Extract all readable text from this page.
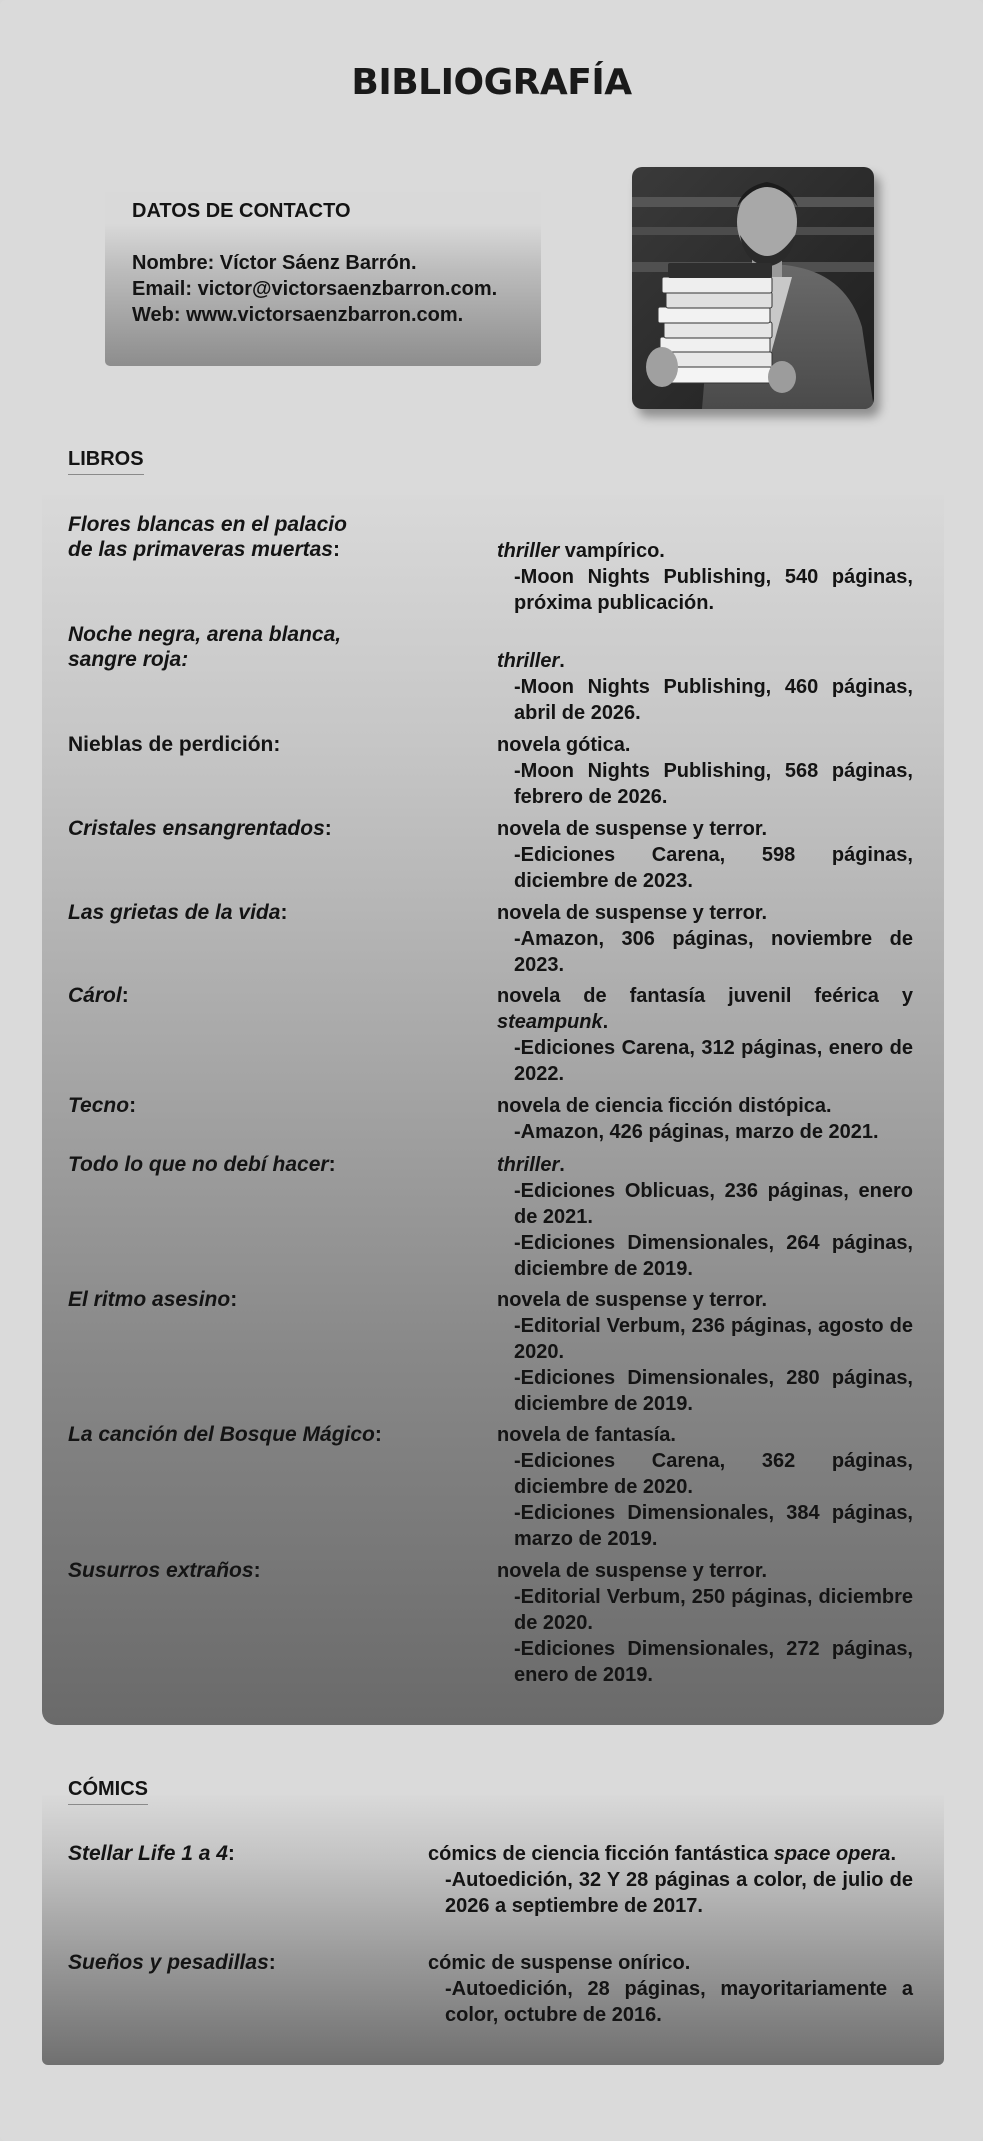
BIBLIOGRAFÍA
DATOS DE CONTACTO
Nombre: Víctor Sáenz Barrón.
Email: victor@victorsaenzbarron.com.
Web: www.victorsaenzbarron.com.
LIBROS
Flores blancas en el palacio
de las primaveras muertas:	thriller vampírico.
-Moon Nights Publishing, 540 páginas, próxima publicación.
Noche negra, arena blanca,
sangre roja:	thriller.
-Moon Nights Publishing, 460 páginas, abril de 2026.
Nieblas de perdición:	novela gótica.
-Moon Nights Publishing, 568 páginas, febrero de 2026.
Cristales ensangrentados:	novela de suspense y terror.
-Ediciones Carena, 598 páginas, diciembre de 2023.
Las grietas de la vida:	novela de suspense y terror.
-Amazon, 306 páginas, noviembre de 2023.
Cárol:	novela de fantasía juvenil feérica y steampunk.
-Ediciones Carena, 312 páginas, enero de 2022.
Tecno:	novela de ciencia ficción distópica.
-Amazon, 426 páginas, marzo de 2021.
Todo lo que no debí hacer:	thriller.
-Ediciones Oblicuas, 236 páginas, enero de 2021.
-Ediciones Dimensionales, 264 páginas, diciembre de 2019.
El ritmo asesino:	novela de suspense y terror.
-Editorial Verbum, 236 páginas, agosto de 2020.
-Ediciones Dimensionales, 280 páginas, diciembre de 2019.
La canción del Bosque Mágico:	novela de fantasía.
-Ediciones Carena, 362 páginas, diciembre de 2020.
-Ediciones Dimensionales, 384 páginas, marzo de 2019.
Susurros extraños:	novela de suspense y terror.
-Editorial Verbum, 250 páginas, diciembre de 2020.
-Ediciones Dimensionales, 272 páginas, enero de 2019.
CÓMICS
Stellar Life 1 a 4:	cómics de ciencia ficción fantástica space opera.
-Autoedición, 32 Y 28 páginas a color, de julio de 2026 a septiembre de 2017.
Sueños y pesadillas:	cómic de suspense onírico.
-Autoedición, 28 páginas, mayoritariamente a color, octubre de 2016.
